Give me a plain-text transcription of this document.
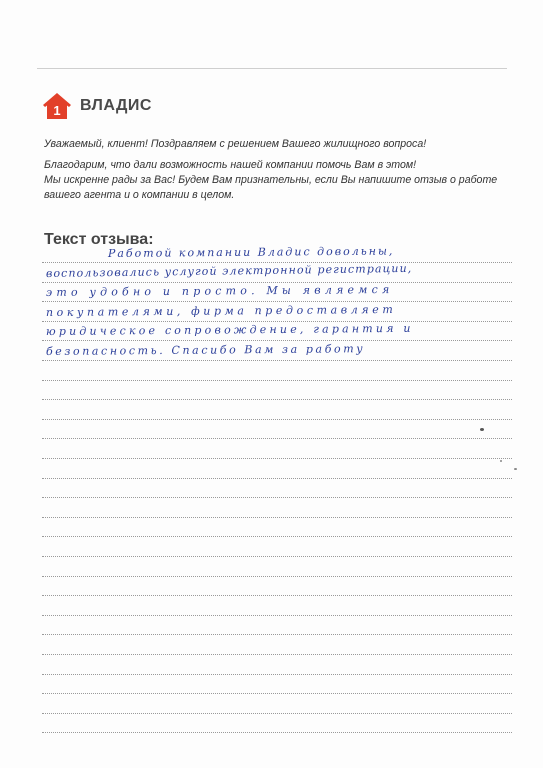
1 ВЛАДИС

Уважаемый, клиент! Поздравляем с решением Вашего жилищного вопроса!

Благодарим, что дали возможность нашей компании помочь Вам в этом!

Мы искренне рады за Вас! Будем Вам признательны, если Вы напишите отзыв о работе

вашего агента и о компании в целом.

Текст отзыва:
Работой компании Владис довольны,
воспользовались услугой электронной регистрации,
это удобно и просто. Мы являемся
покупателями, фирма предоставляет
юридическое сопровождение, гарантия и
безопасность. Спасибо Вам за работу
